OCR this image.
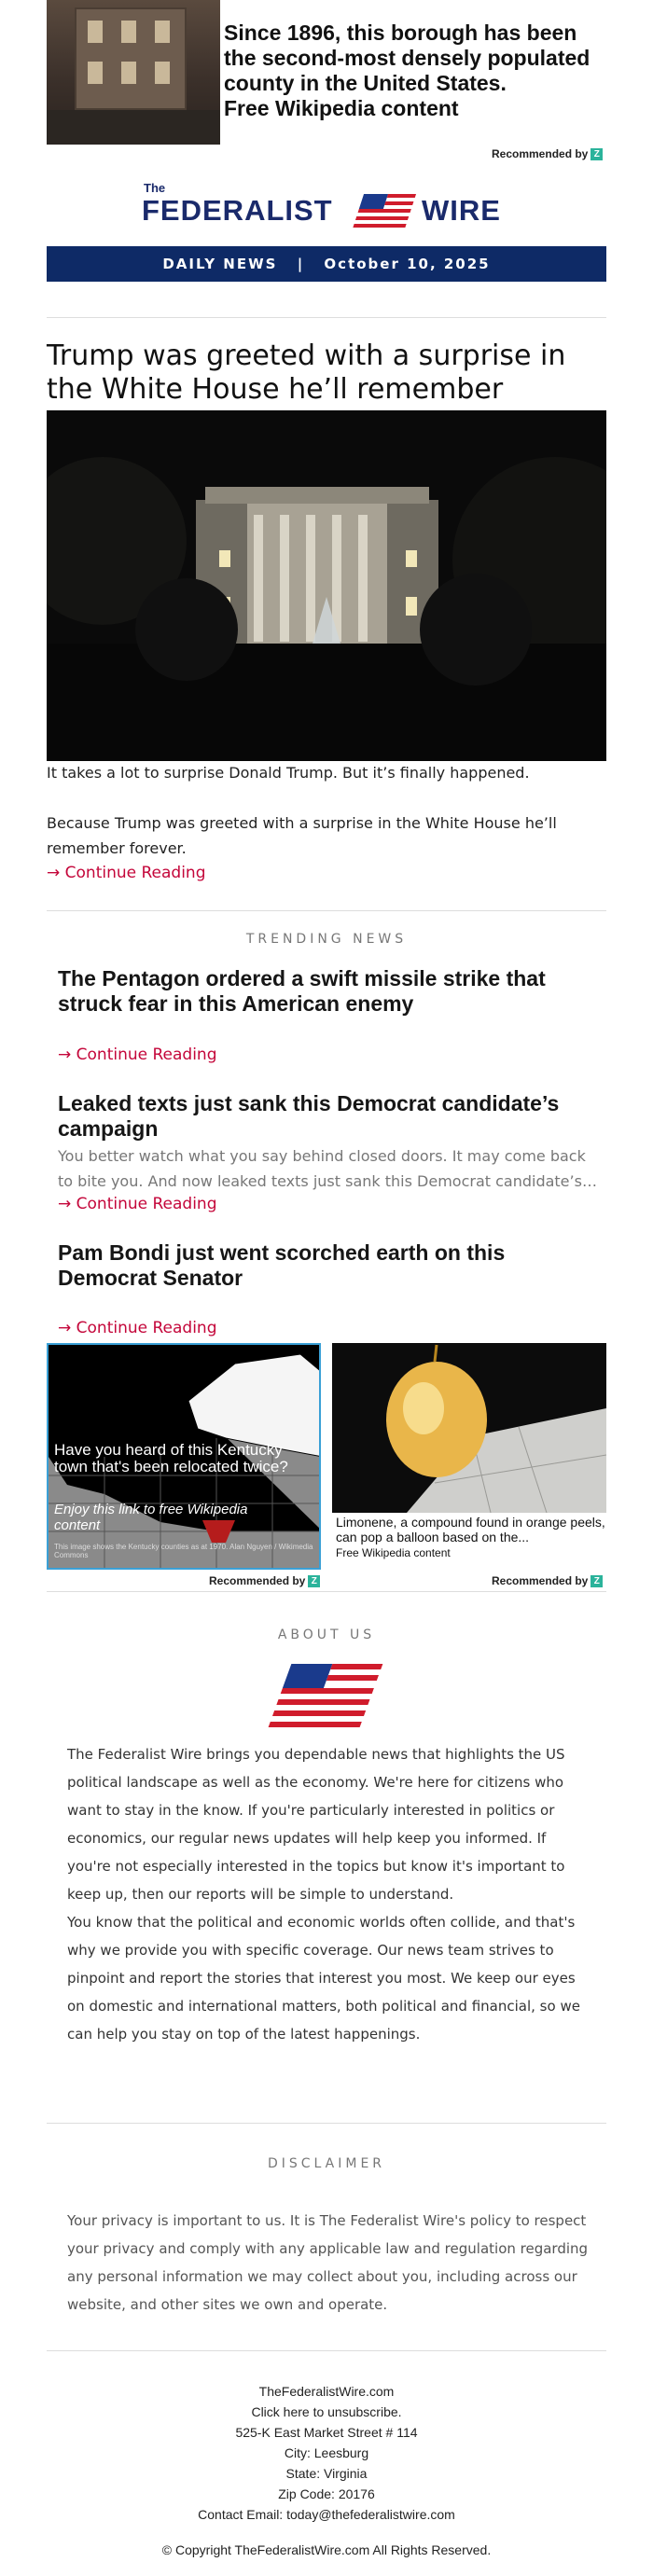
Since 1896, this borough has been the second-most densely populated county in the United States.
Free Wikipedia content
Recommended by Z
The
FEDERALIST	WIRE
DAILY NEWS | October 10, 2025
Trump was greeted with a surprise in the White House he’ll remember
It takes a lot to surprise Donald Trump. But it’s finally happened.
Because Trump was greeted with a surprise in the White House he’ll remember forever.
→ Continue Reading
TRENDING NEWS
The Pentagon ordered a swift missile strike that struck fear in this American enemy
→ Continue Reading
Leaked texts just sank this Democrat candidate’s campaign
You better watch what you say behind closed doors. It may come back to bite you. And now leaked texts just sank this Democrat candidate’s…
→ Continue Reading
Pam Bondi just went scorched earth on this Democrat Senator
→ Continue Reading
Have you heard of this Kentucky town that's been relocated twice?
Enjoy this link to free Wikipedia content
This image shows the Kentucky counties as at 1970. Alan Nguyen / Wikimedia Commons
Recommended by Z
Limonene, a compound found in orange peels, can pop a balloon based on the...
Free Wikipedia content
Recommended by Z
ABOUT US
The Federalist Wire brings you dependable news that highlights the US political landscape as well as the economy. We're here for citizens who want to stay in the know. If you're particularly interested in politics or economics, our regular news updates will help keep you informed. If you're not especially interested in the topics but know it's important to keep up, then our reports will be simple to understand.
You know that the political and economic worlds often collide, and that's why we provide you with specific coverage. Our news team strives to pinpoint and report the stories that interest you most. We keep our eyes on domestic and international matters, both political and financial, so we can help you stay on top of the latest happenings.
DISCLAIMER
Your privacy is important to us. It is The Federalist Wire's policy to respect your privacy and comply with any applicable law and regulation regarding any personal information we may collect about you, including across our website, and other sites we own and operate.
TheFederalistWire.com
Click here to unsubscribe.
525-K East Market Street # 114
City: Leesburg
State: Virginia
Zip Code: 20176
Contact Email: today@thefederalistwire.com
© Copyright TheFederalistWire.com All Rights Reserved.
